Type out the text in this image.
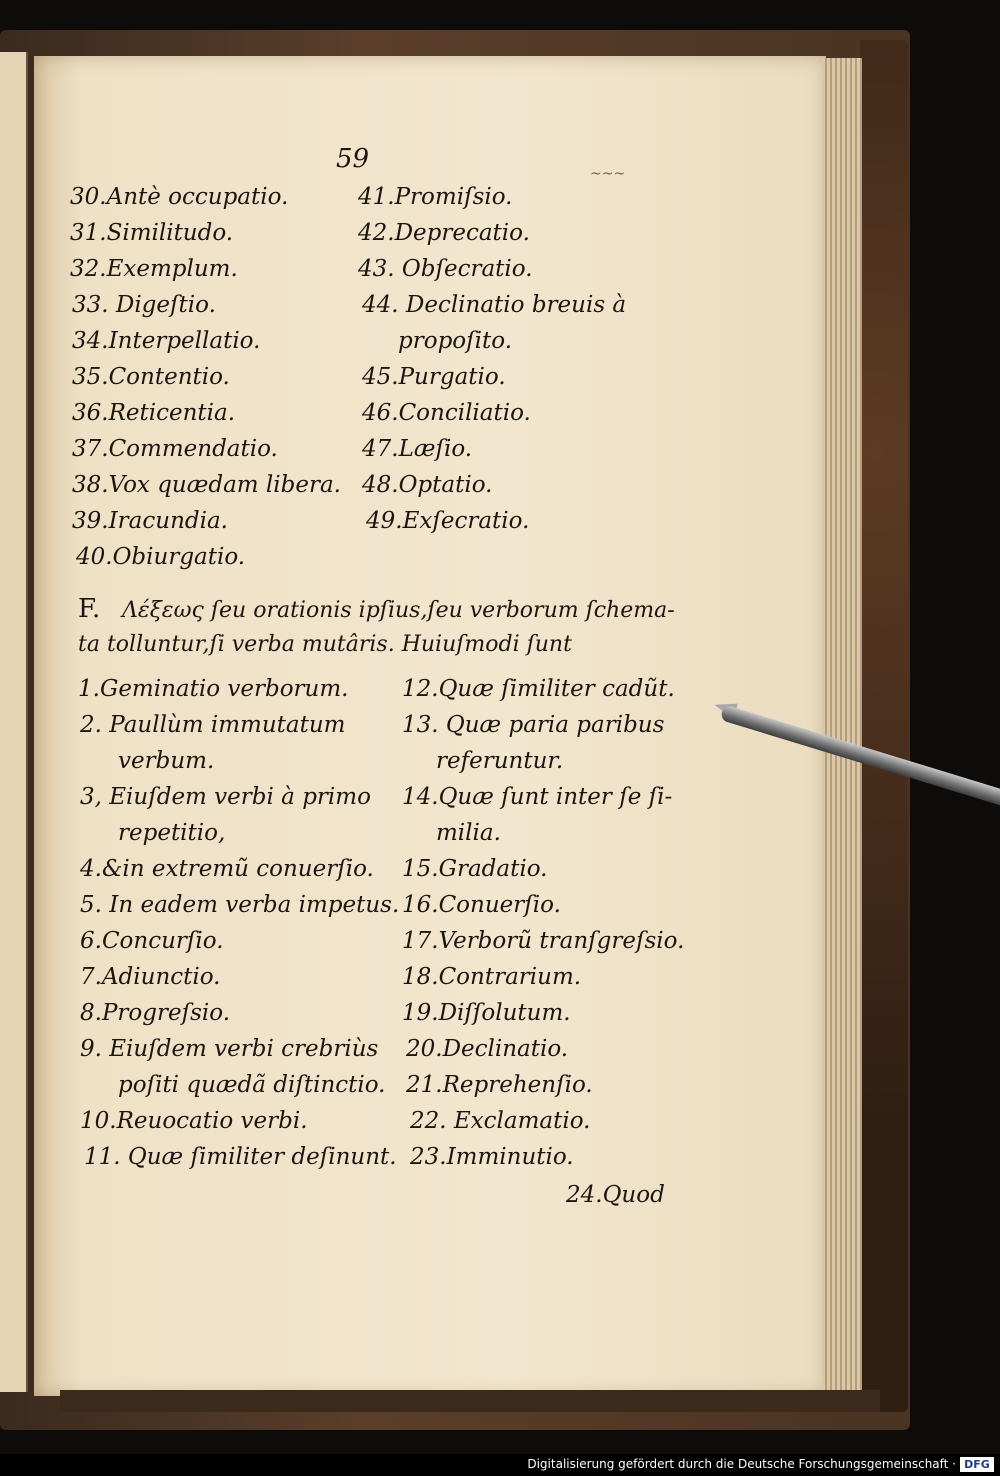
59	~~~
30.Antè occupatio.
31.Similitudo.
32.Exemplum.
33. Digeſtio.
34.Interpellatio.
35.Contentio.
36.Reticentia.
37.Commendatio.
38.Vox quædam libera.
39.Iracundia.
40.Obiurgatio.
41.Promiſsio.
42.Deprecatio.
43. Obſecratio.
44. Declinatio breuis à
propoſito.
45.Purgatio.
46.Conciliatio.
47.Læſio.
48.Optatio.
49.Exſecratio.
F. Λέξεως ſeu orationis ipſius,ſeu verborum ſchema-
ta tolluntur,ſi verba mutâris. Huiuſmodi ſunt
1.Geminatio verborum.
2. Paullùm immutatum
verbum.
3, Eiuſdem verbi à primo
repetitio,
4.&in extremũ conuerſio.
5. In eadem verba impetus.
6.Concurſio.
7.Adiunctio.
8.Progreſsio.
9. Eiuſdem verbi crebriùs
poſiti quædã diſtinctio.
10.Reuocatio verbi.
11. Quæ ſimiliter deſinunt.
12.Quæ ſimiliter cadũt.
13. Quæ paria paribus
referuntur.
14.Quæ ſunt inter ſe ſi-
milia.
15.Gradatio.
16.Conuerſio.
17.Verborũ tranſgreſsio.
18.Contrarium.
19.Diſſolutum.
20.Declinatio.
21.Reprehenſio.
22. Exclamatio.
23.Imminutio.
24.Quod
Digitalisierung gefördert durch die Deutsche Forschungsgemeinschaft · DFG
